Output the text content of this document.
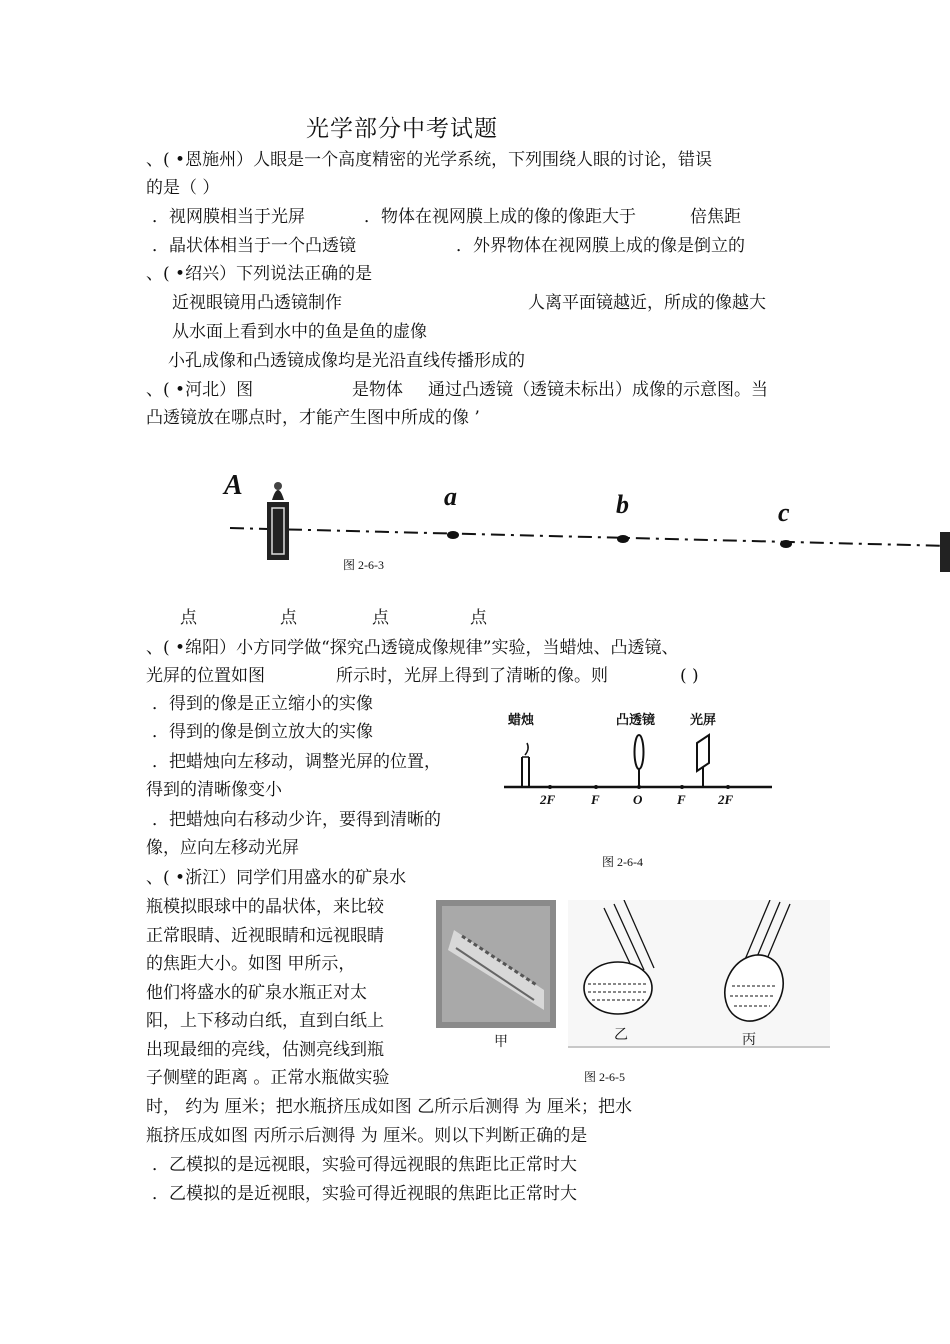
光学部分中考试题
、( •恩施州）人眼是一个高度精密的光学系统，下列围绕人眼的讨论，错误
的是（ ）
．视网膜相当于光屏	．物体在视网膜上成的像的像距大于	倍焦距
．晶状体相当于一个凸透镜	．外界物体在视网膜上成的像是倒立的
、( •绍兴）下列说法正确的是
近视眼镜用凸透镜制作	人离平面镜越近，所成的像越大
从水面上看到水中的鱼是鱼的虚像
小孔成像和凸透镜成像均是光沿直线传播形成的
、( •河北）图	是物体 通过凸透镜（透镜未标出）成像的示意图。当
凸透镜放在哪点时，才能产生图中所成的像 ’
A	a	b	c
图 2-6-3
点	点	点	点
、( •绵阳）小方同学做“探究凸透镜成像规律”实验，当蜡烛、凸透镜、
光屏的位置如图	所示时，光屏上得到了清晰的像。则	( )
．得到的像是正立缩小的实像
．得到的像是倒立放大的实像
．把蜡烛向左移动，调整光屏的位置，
得到的清晰像变小
．把蜡烛向右移动少许，要得到清晰的
像，应向左移动光屏
蜡烛	凸透镜	光屏
2F	F	O	F 2F
图 2-6-4
、( •浙江）同学们用盛水的矿泉水
瓶模拟眼球中的晶状体，来比较
正常眼睛、近视眼睛和远视眼睛
的焦距大小。如图 甲所示，
他们将盛水的矿泉水瓶正对太
阳，上下移动白纸，直到白纸上
出现最细的亮线，估测亮线到瓶
子侧壁的距离 。正常水瓶做实验
甲	乙	丙
图 2-6-5
时， 约为 厘米；把水瓶挤压成如图 乙所示后测得 为 厘米；把水
瓶挤压成如图 丙所示后测得 为 厘米。则以下判断正确的是
．乙模拟的是远视眼，实验可得远视眼的焦距比正常时大
．乙模拟的是近视眼，实验可得近视眼的焦距比正常时大
